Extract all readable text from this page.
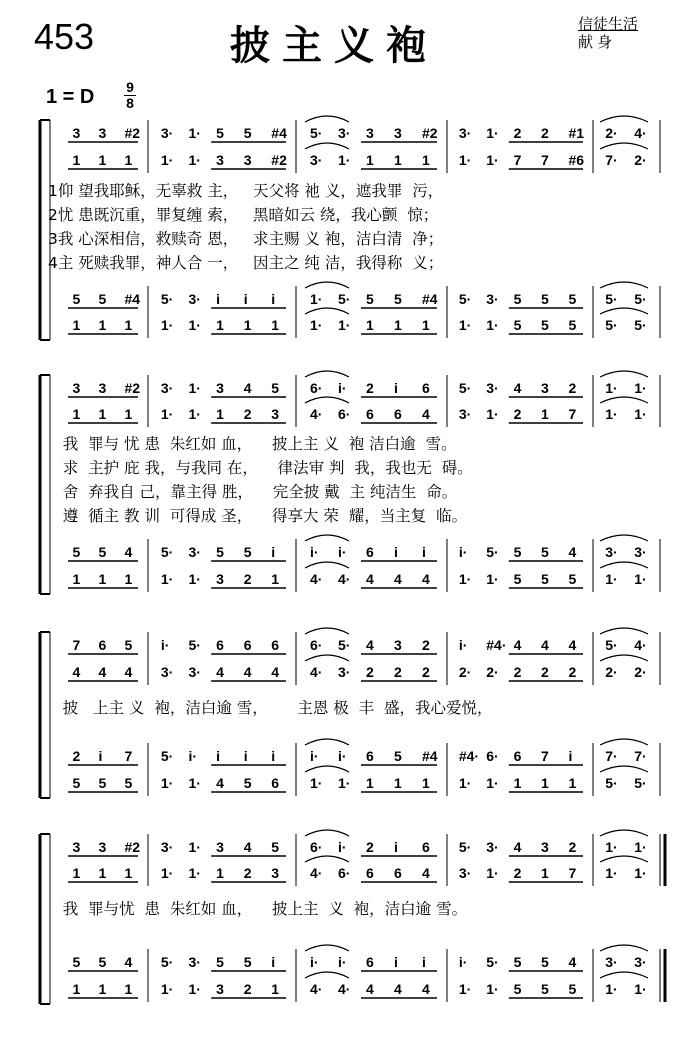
453	披主义袍	信徒生活
献 身
1 = D 9
8
3 3 #2 3· 1· 5 5 #4 5· 3· 3 3 #2 3· 1· 2 2 #1 2· 4·
1 1 1 1· 1· 3 3 #2 3· 1· 1 1 1 1· 1· 7 7 #6 7· 2·
5 5 #4 5· 3· i i i 1· 5· 5 5 #4 5· 3· 5 5 5 5· 5·
1 1 1 1· 1· 1 1 1 1· 1· 1 1 1 1· 1· 5 5 5 5· 5·
1仰 望我耶稣，无辜救 主，   天父将 祂 义，遮我罪  污，
2忧 患既沉重，罪复缠 索，   黑暗如云 绕，我心颤  惊；
3我 心深相信，救赎奇 恩，   求主赐 义 袍，洁白清  净；
4主 死赎我罪，神人合 一，   因主之 纯 洁，我得称  义；
3 3 #2 3· 1· 3 4 5 6· i· 2 i 6 5· 3· 4 3 2 1· 1·
1 1 1 1· 1· 1 2 3 4· 6· 6 6 4 3· 1· 2 1 7 1· 1·
5 5 4 5· 3· 5 5 i i· i· 6 i i i· 5· 5 5 4 3· 3·
1 1 1 1· 1· 3 2 1 4· 4· 4 4 4 1· 1· 5 5 5 1· 1·
我  罪与 忧 患  朱红如 血，    披上主 义  袍 洁白逾  雪。
求  主护 庇 我，与我同 在，    律法审 判  我，我也无  碍。
舍  弃我自 己，靠主得 胜，    完全披 戴  主 纯洁生  命。
遵  循主 教 训  可得成 圣，    得享大 荣  耀，当主复  临。
7 6 5 i· 5· 6 6 6 6· 5· 4 3 2 i· #4· 4 4 4 5· 4·
4 4 4 3· 3· 4 4 4 4· 3· 2 2 2 2· 2· 2 2 2 2· 2·
2 i 7 5· i· i i i i· i· 6 5 #4 #4· 6· 6 7 i 7· 7·
5 5 5 1· 1· 4 5 6 1· 1· 1 1 1 1· 1· 1 1 1 5· 5·
披   上主 义  袍，洁白逾 雪，      主恩 极  丰  盛，我心爱悦，
3 3 #2 3· 1· 3 4 5 6· i· 2 i 6 5· 3· 4 3 2 1· 1·
1 1 1 1· 1· 1 2 3 4· 6· 6 6 4 3· 1· 2 1 7 1· 1·
5 5 4 5· 3· 5 5 i i· i· 6 i i i· 5· 5 5 4 3· 3·
1 1 1 1· 1· 3 2 1 4· 4· 4 4 4 1· 1· 5 5 5 1· 1·
我  罪与忧  患  朱红如 血，    披上主  义  袍，洁白逾 雪。
